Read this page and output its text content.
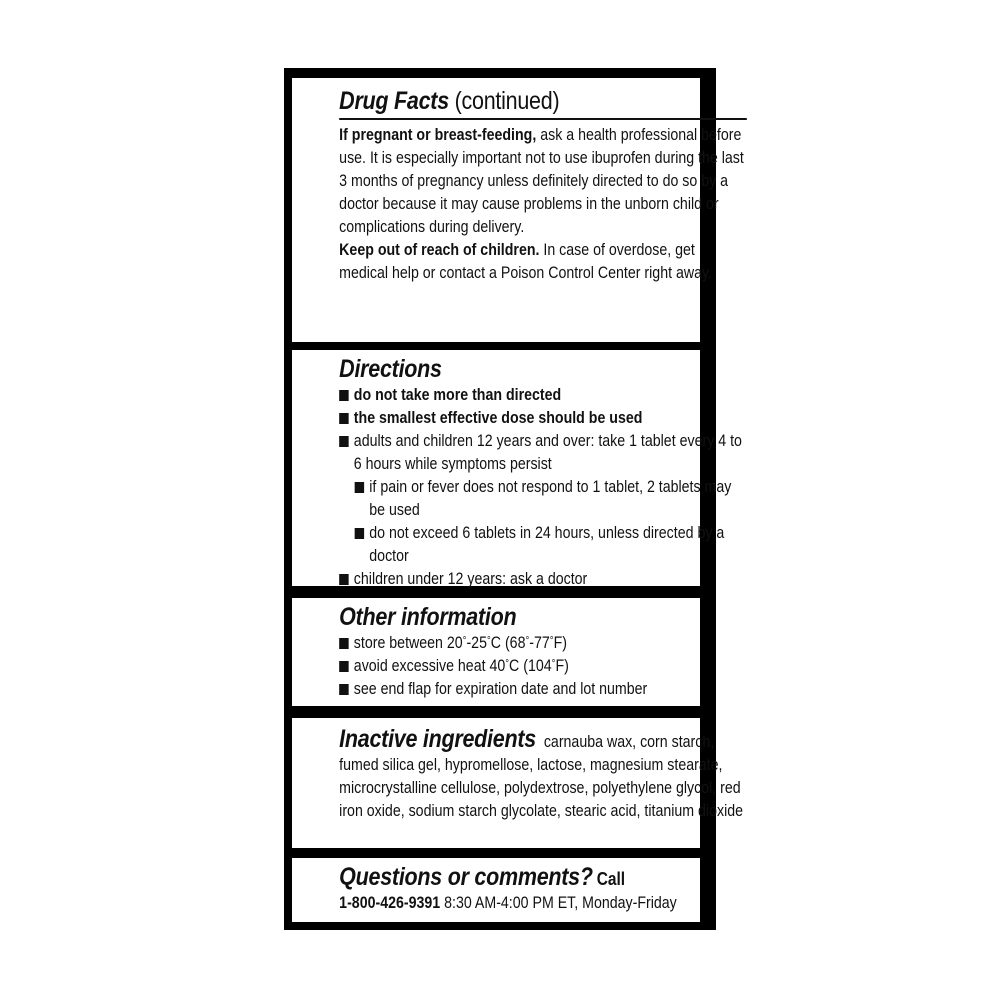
Drug Facts (continued)

If pregnant or breast-feeding, ask a health professional before use. It is especially important not to use ibuprofen during the last 3 months of pregnancy unless definitely directed to do so by a doctor because it may cause problems in the unborn child or complications during delivery.

Keep out of reach of children. In case of overdose, get medical help or contact a Poison Control Center right away.

Directions
do not take more than directed
the smallest effective dose should be used
adults and children 12 years and over: take 1 tablet every 4 to 6 hours while symptoms persist
if pain or fever does not respond to 1 tablet, 2 tablets may be used
do not exceed 6 tablets in 24 hours, unless directed by a doctor
children under 12 years: ask a doctor
Other information
store between 20°-25°C (68°-77°F)
avoid excessive heat 40°C (104°F)
see end flap for expiration date and lot number

Inactive ingredients carnauba wax, corn starch, fumed silica gel, hypromellose, lactose, magnesium stearate, microcrystalline cellulose, polydextrose, polyethylene glycol, red iron oxide, sodium starch glycolate, stearic acid, titanium dioxide

Questions or comments? Call

1-800-426-9391 8:30 AM-4:00 PM ET, Monday-Friday
